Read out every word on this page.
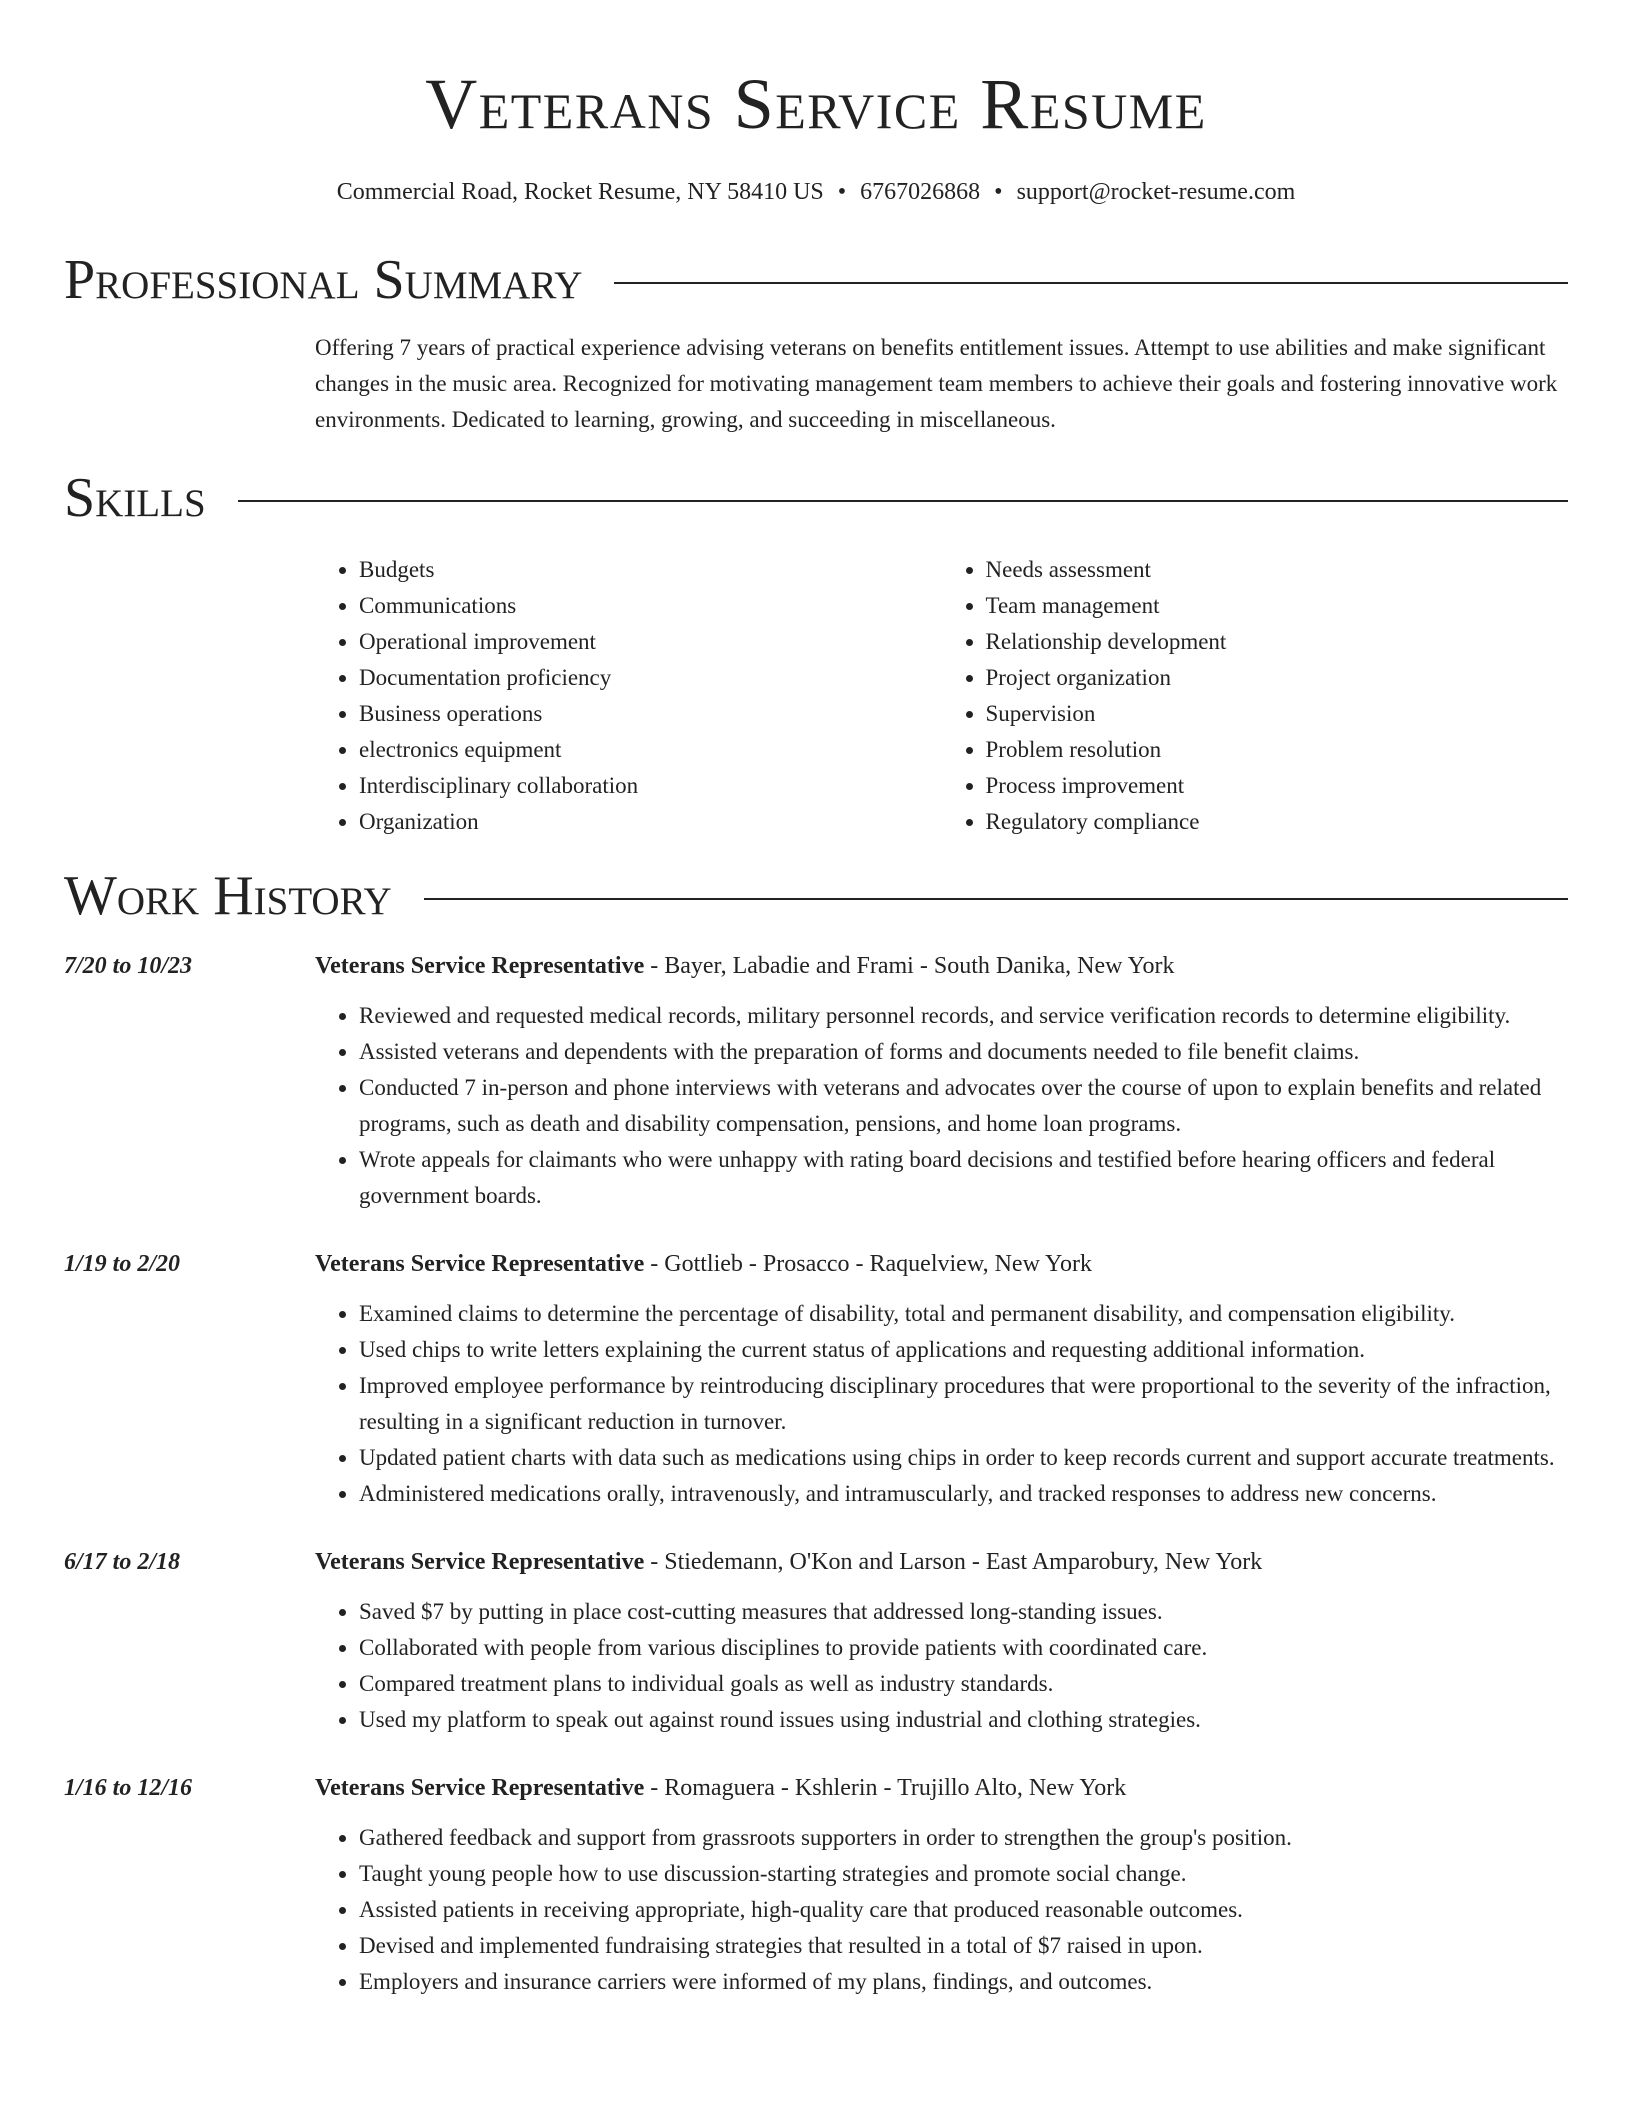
Veterans Service Resume
Commercial Road, Rocket Resume, NY 58410 US • 6767026868 • support@rocket-resume.com
Professional Summary

Offering 7 years of practical experience advising veterans on benefits entitlement issues. Attempt to use abilities and make significant changes in the music area. Recognized for motivating management team members to achieve their goals and fostering innovative work environments. Dedicated to learning, growing, and succeeding in miscellaneous.

Skills
• Budgets
• Communications
• Operational improvement
• Documentation proficiency
• Business operations
• electronics equipment
• Interdisciplinary collaboration
• Organization
• Needs assessment
• Team management
• Relationship development
• Project organization
• Supervision
• Problem resolution
• Process improvement
• Regulatory compliance
Work History
7/20 to 10/23	Veterans Service Representative - Bayer, Labadie and Frami - South Danika, New York
• Reviewed and requested medical records, military personnel records, and service verification records to determine eligibility.
• Assisted veterans and dependents with the preparation of forms and documents needed to file benefit claims.
• Conducted 7 in-person and phone interviews with veterans and advocates over the course of upon to explain benefits and related programs, such as death and disability compensation, pensions, and home loan programs.
• Wrote appeals for claimants who were unhappy with rating board decisions and testified before hearing officers and federal government boards.
1/19 to 2/20	Veterans Service Representative - Gottlieb - Prosacco - Raquelview, New York
• Examined claims to determine the percentage of disability, total and permanent disability, and compensation eligibility.
• Used chips to write letters explaining the current status of applications and requesting additional information.
• Improved employee performance by reintroducing disciplinary procedures that were proportional to the severity of the infraction, resulting in a significant reduction in turnover.
• Updated patient charts with data such as medications using chips in order to keep records current and support accurate treatments.
• Administered medications orally, intravenously, and intramuscularly, and tracked responses to address new concerns.
6/17 to 2/18	Veterans Service Representative - Stiedemann, O'Kon and Larson - East Amparobury, New York
• Saved $7 by putting in place cost-cutting measures that addressed long-standing issues.
• Collaborated with people from various disciplines to provide patients with coordinated care.
• Compared treatment plans to individual goals as well as industry standards.
• Used my platform to speak out against round issues using industrial and clothing strategies.
1/16 to 12/16	Veterans Service Representative - Romaguera - Kshlerin - Trujillo Alto, New York
• Gathered feedback and support from grassroots supporters in order to strengthen the group's position.
• Taught young people how to use discussion-starting strategies and promote social change.
• Assisted patients in receiving appropriate, high-quality care that produced reasonable outcomes.
• Devised and implemented fundraising strategies that resulted in a total of $7 raised in upon.
• Employers and insurance carriers were informed of my plans, findings, and outcomes.
